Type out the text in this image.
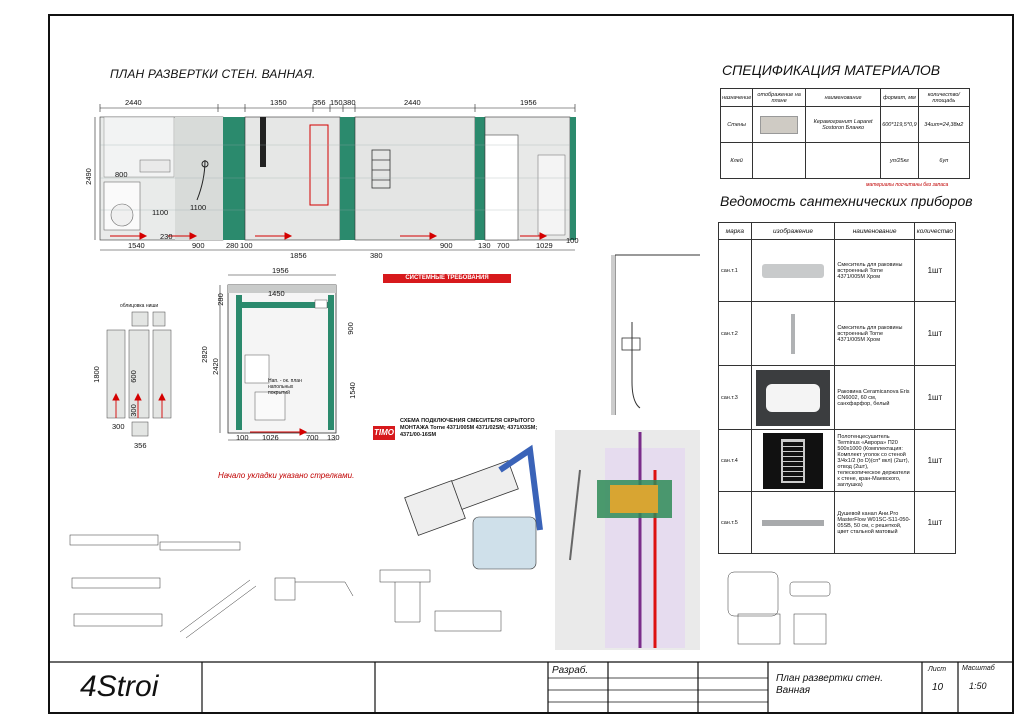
ПЛАН РАЗВЕРТКИ СТЕН. ВАННАЯ.	СПЕЦИФИКАЦИЯ МАТЕРИАЛОВ
Ведомость сантехнических приборов
2440	1350	356 150 380	2440	1956
2490
1540	900	280 100
1856	380
900	130 700	1029
100
800
1100
1100
230
1956
1450
2820
2420
900
1540
280
100 1026	700 130
Нап. - ок. план напольных покрытий
облицовка ниши
1800
300
356
600
300
Начало укладки указано стрелками.
СИСТЕМНЫЕ ТРЕБОВАНИЯ
TIMO
СХЕМА ПОДКЛЮЧЕНИЯ СМЕСИТЕЛЯ СКРЫТОГО МОНТАЖА Torne 4371/005M 4371/02SM; 4371/03SM; 4371/00-16SM
назначение	отображение на плане	наименование	формат, мм	количество/ площадь
Стены		Керамогранит Laparet Sostoron Бланко	600*119,5*0,9	34шт=24,38м2
Клей			уп/25кг	6уп
материалы посчитаны без запаса
марка	изображение	наименование	количество
сан.т.1		Смеситель для раковины встроенный Torne 4371/005M Хром	1шт
сан.т.2		Смеситель для раковины встроенный Torne 4371/005M Хром	1шт
сан.т.3		Раковина Ceramicanova Eris CN6002, 60 см, санхфарфор, белый	1шт
сан.т.4		Полотенцесушитель Terminus «Аврора» П20 500х1000 (Комплектация: Комплект уголок со стеной 3/4х1/2 (to D)(сп* вкл) (2шт), отвод (2шт), телескопическое держатели к стене, кран-Маевского, заглушка)	1шт
сан.т.5		Душевой канал Ани.Pro MasterFlow W01SC-S11-050-05SB, 50 см, с решеткой, цвет стальной матовый	1шт
4Stroi	Разраб.
План развертки стен. Ванная
Лист
10
Масштаб
1:50
